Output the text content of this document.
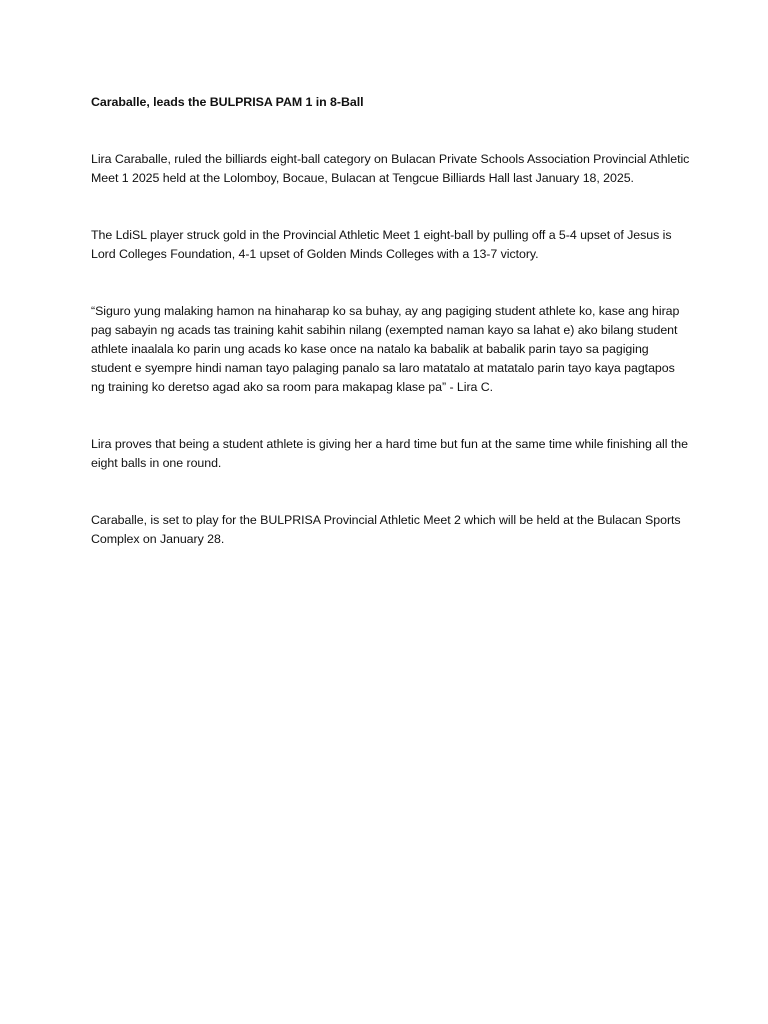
Caraballe, leads the BULPRISA PAM 1 in 8-Ball

Lira Caraballe, ruled the billiards eight-ball category on Bulacan Private Schools Association Provincial Athletic Meet 1 2025 held at the Lolomboy, Bocaue, Bulacan at Tengcue Billiards Hall last January 18, 2025.

The LdiSL player struck gold in the Provincial Athletic Meet 1 eight-ball by pulling off a 5-4 upset of Jesus is Lord Colleges Foundation, 4-1 upset of Golden Minds Colleges with a 13-7 victory.

“Siguro yung malaking hamon na hinaharap ko sa buhay, ay ang pagiging student athlete ko, kase ang hirap pag sabayin ng acads tas training kahit sabihin nilang (exempted naman kayo sa lahat e) ako bilang student athlete inaalala ko parin ung acads ko kase once na natalo ka babalik at babalik parin tayo sa pagiging student e syempre hindi naman tayo palaging panalo sa laro matatalo at matatalo parin tayo kaya pagtapos ng training ko deretso agad ako sa room para makapag klase pa” - Lira C.

Lira proves that being a student athlete is giving her a hard time but fun at the same time while finishing all the eight balls in one round.

Caraballe, is set to play for the BULPRISA Provincial Athletic Meet 2 which will be held at the Bulacan Sports Complex on January 28.
